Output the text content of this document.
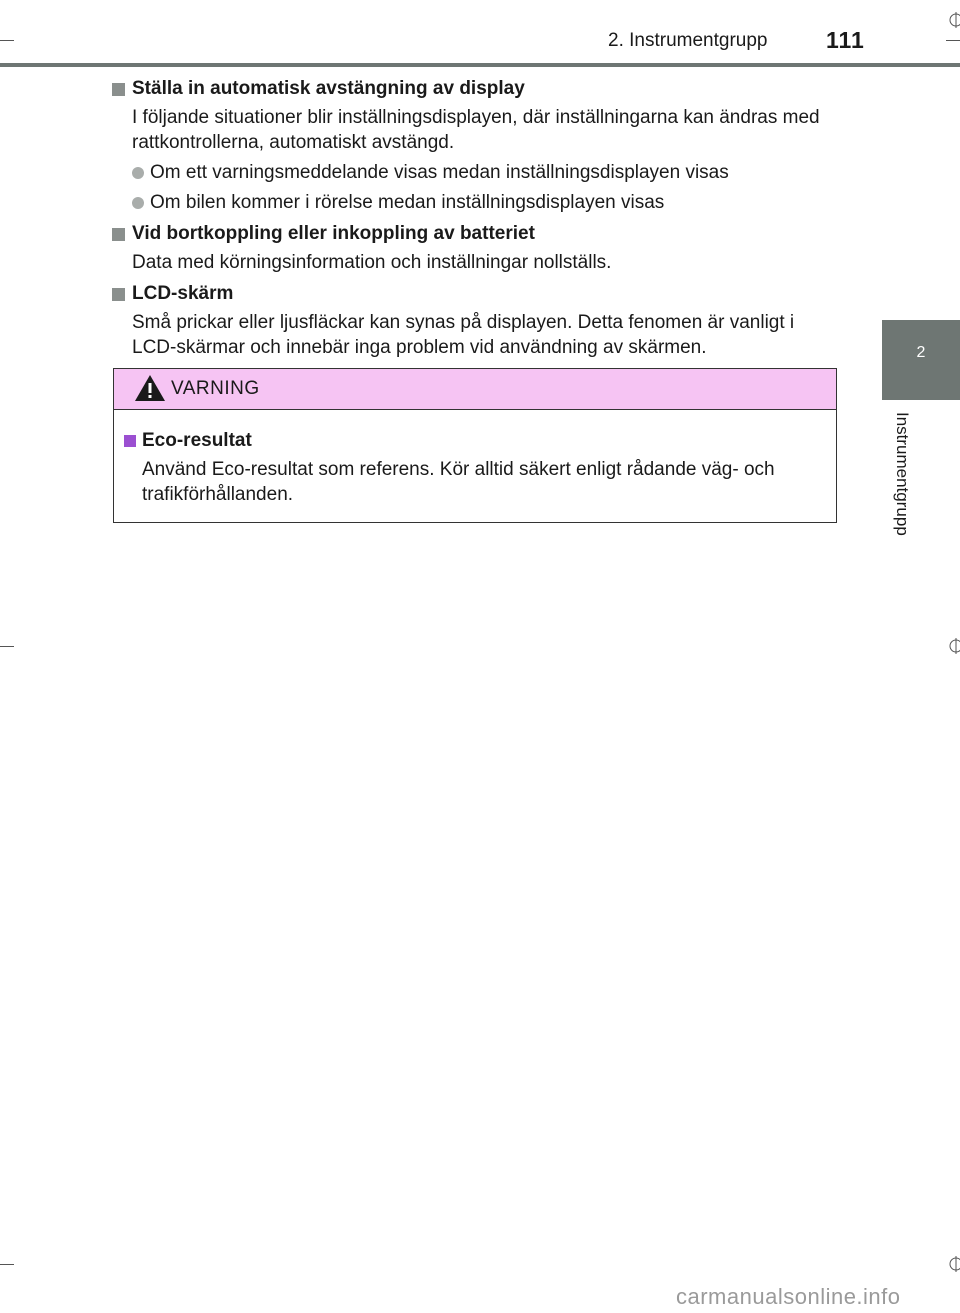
2. Instrumentgrupp	111
2
Instrumentgrupp
Ställa in automatisk avstängning av display
I följande situationer blir inställningsdisplayen, där inställningarna kan ändras med rattkontrollerna, automatiskt avstängd.
Om ett varningsmeddelande visas medan inställningsdisplayen visas
Om bilen kommer i rörelse medan inställningsdisplayen visas
Vid bortkoppling eller inkoppling av batteriet
Data med körningsinformation och inställningar nollställs.
LCD-skärm
Små prickar eller ljusfläckar kan synas på displayen. Detta fenomen är vanligt i LCD-skärmar och innebär inga problem vid användning av skärmen.
VARNING
Eco-resultat
Använd Eco-resultat som referens. Kör alltid säkert enligt rådande väg- och trafikförhållanden.
carmanualsonline.info
